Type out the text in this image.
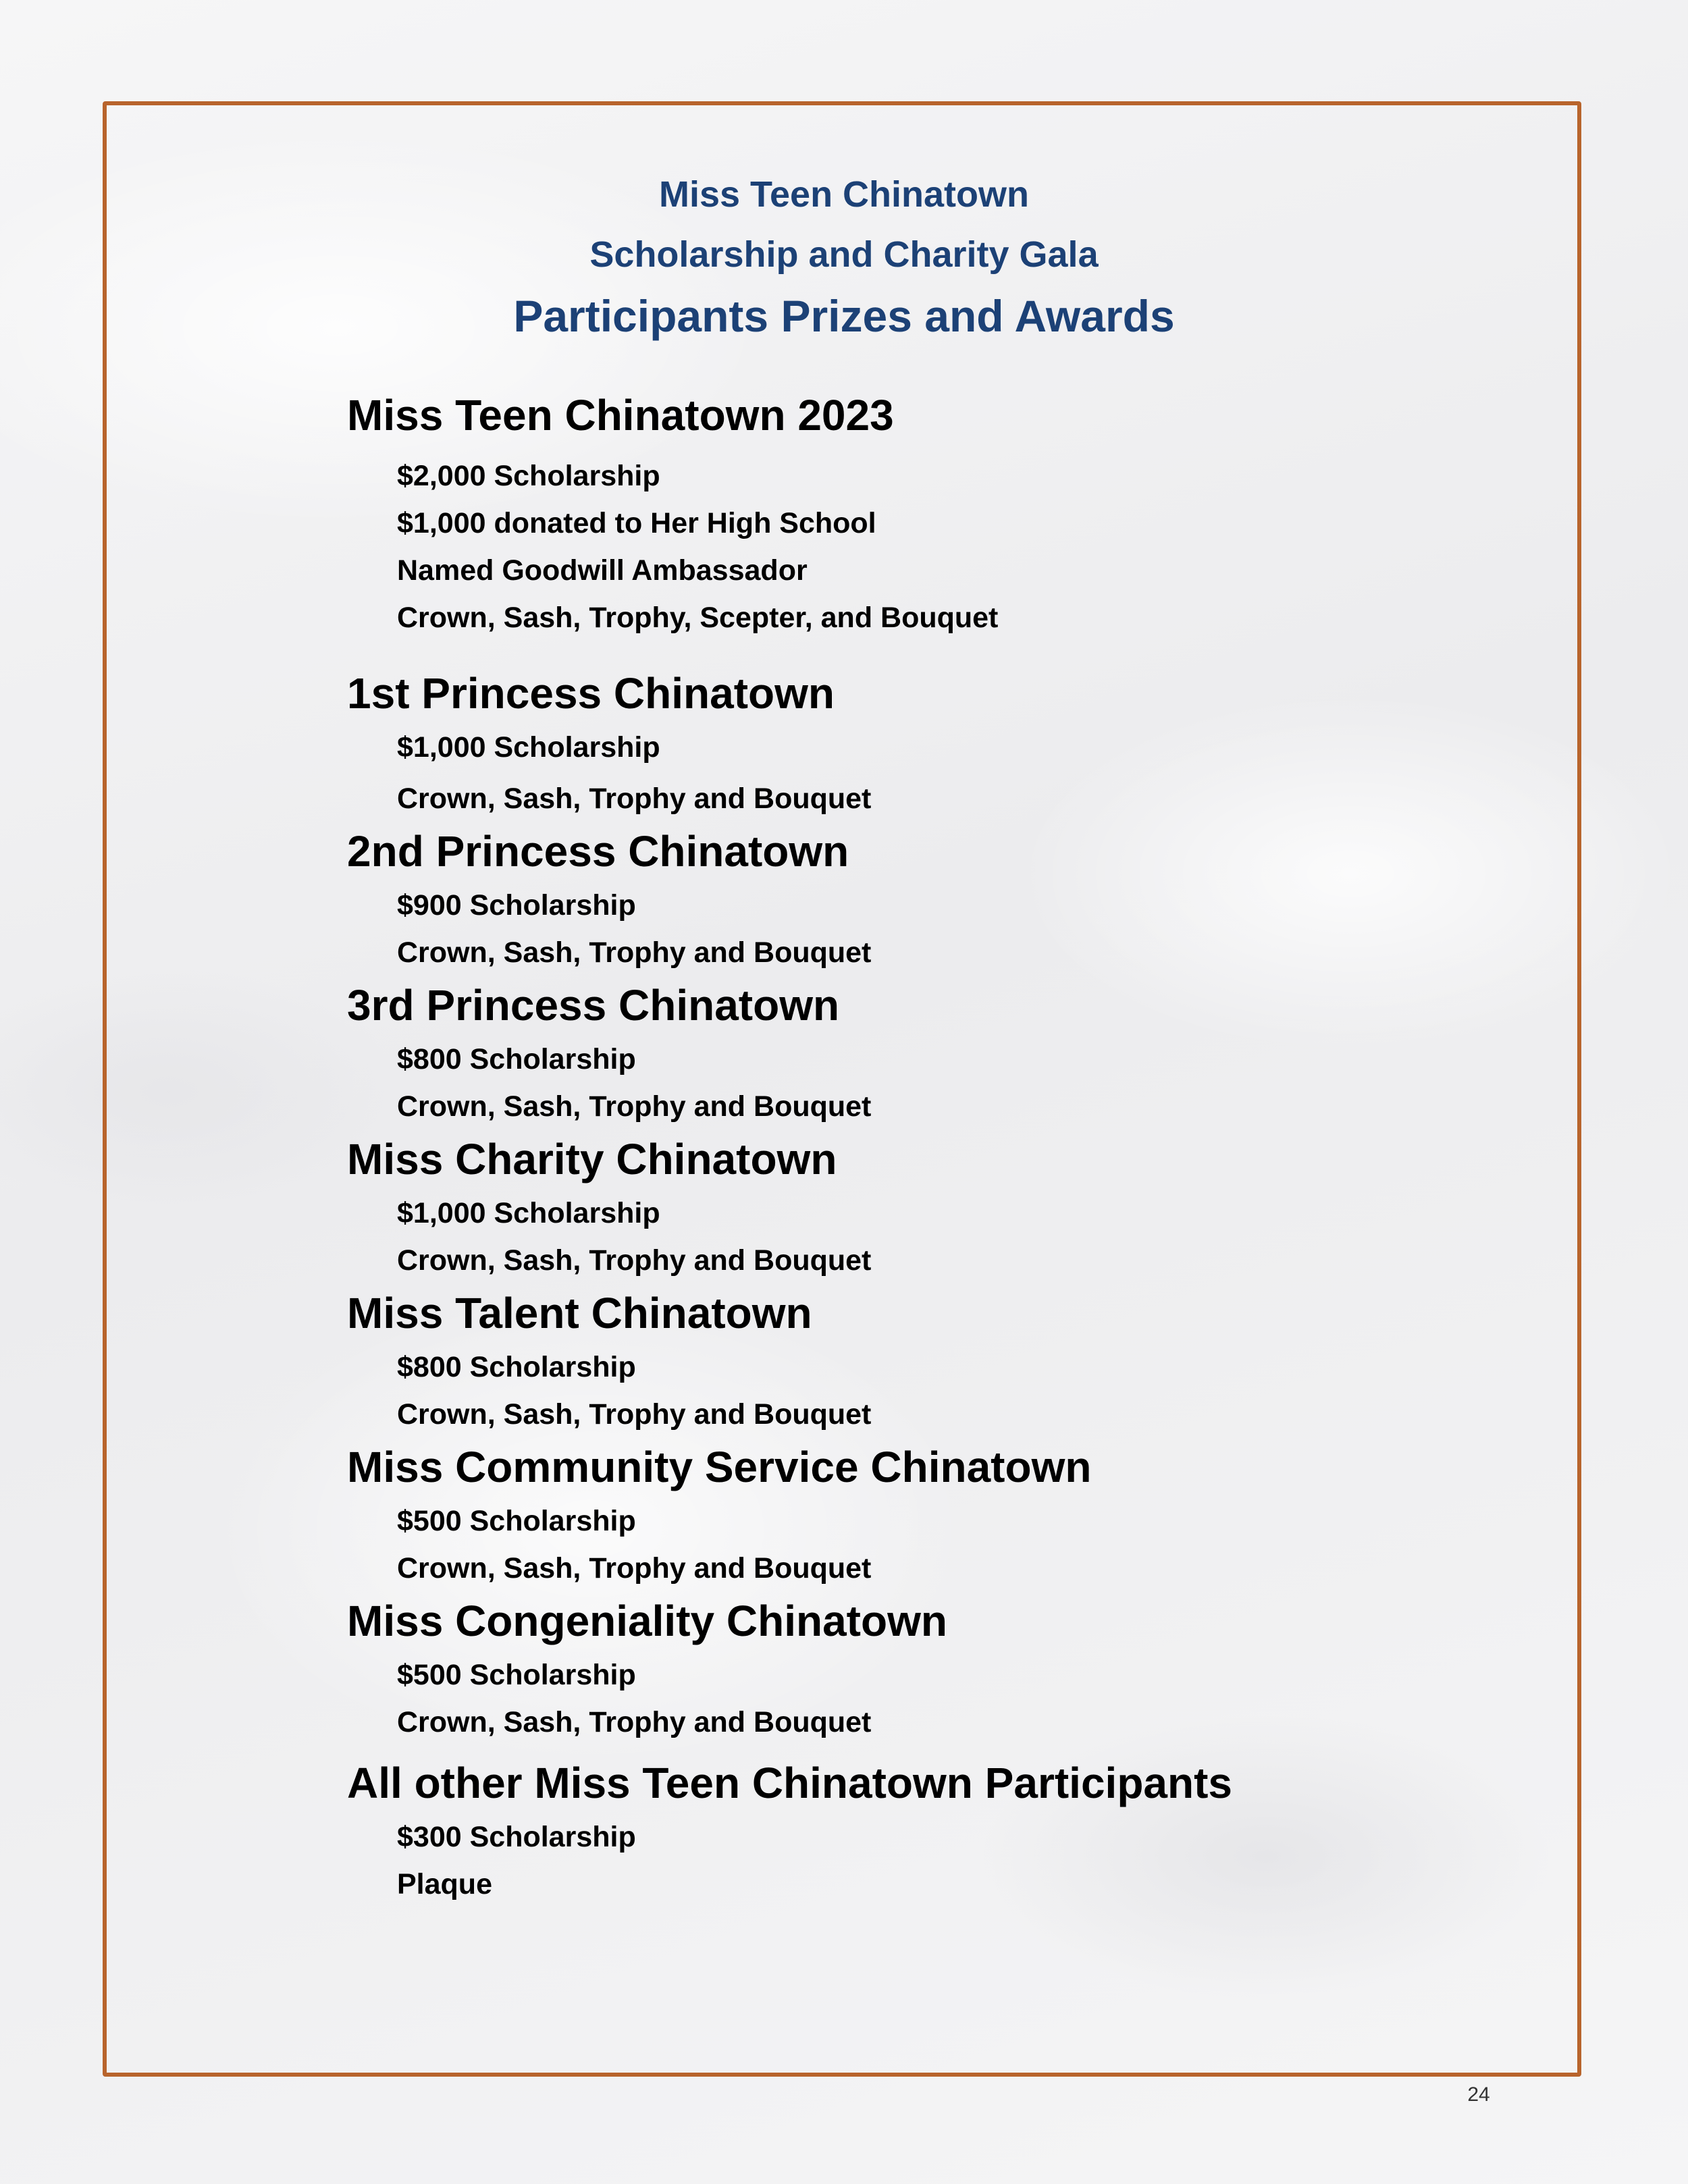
Miss Teen Chinatown
Scholarship and Charity Gala
Participants Prizes and Awards
Miss Teen Chinatown 2023
$2,000 Scholarship
$1,000 donated to Her High School
Named Goodwill Ambassador
Crown, Sash, Trophy, Scepter, and Bouquet
1st Princess Chinatown
$1,000 Scholarship
Crown, Sash, Trophy and Bouquet
2nd Princess Chinatown
$900 Scholarship
Crown, Sash, Trophy and Bouquet
3rd Princess Chinatown
$800 Scholarship
Crown, Sash, Trophy and Bouquet
Miss Charity Chinatown
$1,000 Scholarship
Crown, Sash, Trophy and Bouquet
Miss Talent Chinatown
$800 Scholarship
Crown, Sash, Trophy and Bouquet
Miss Community Service Chinatown
$500 Scholarship
Crown, Sash, Trophy and Bouquet
Miss Congeniality Chinatown
$500 Scholarship
Crown, Sash, Trophy and Bouquet
All other Miss Teen Chinatown Participants
$300 Scholarship
Plaque
24
